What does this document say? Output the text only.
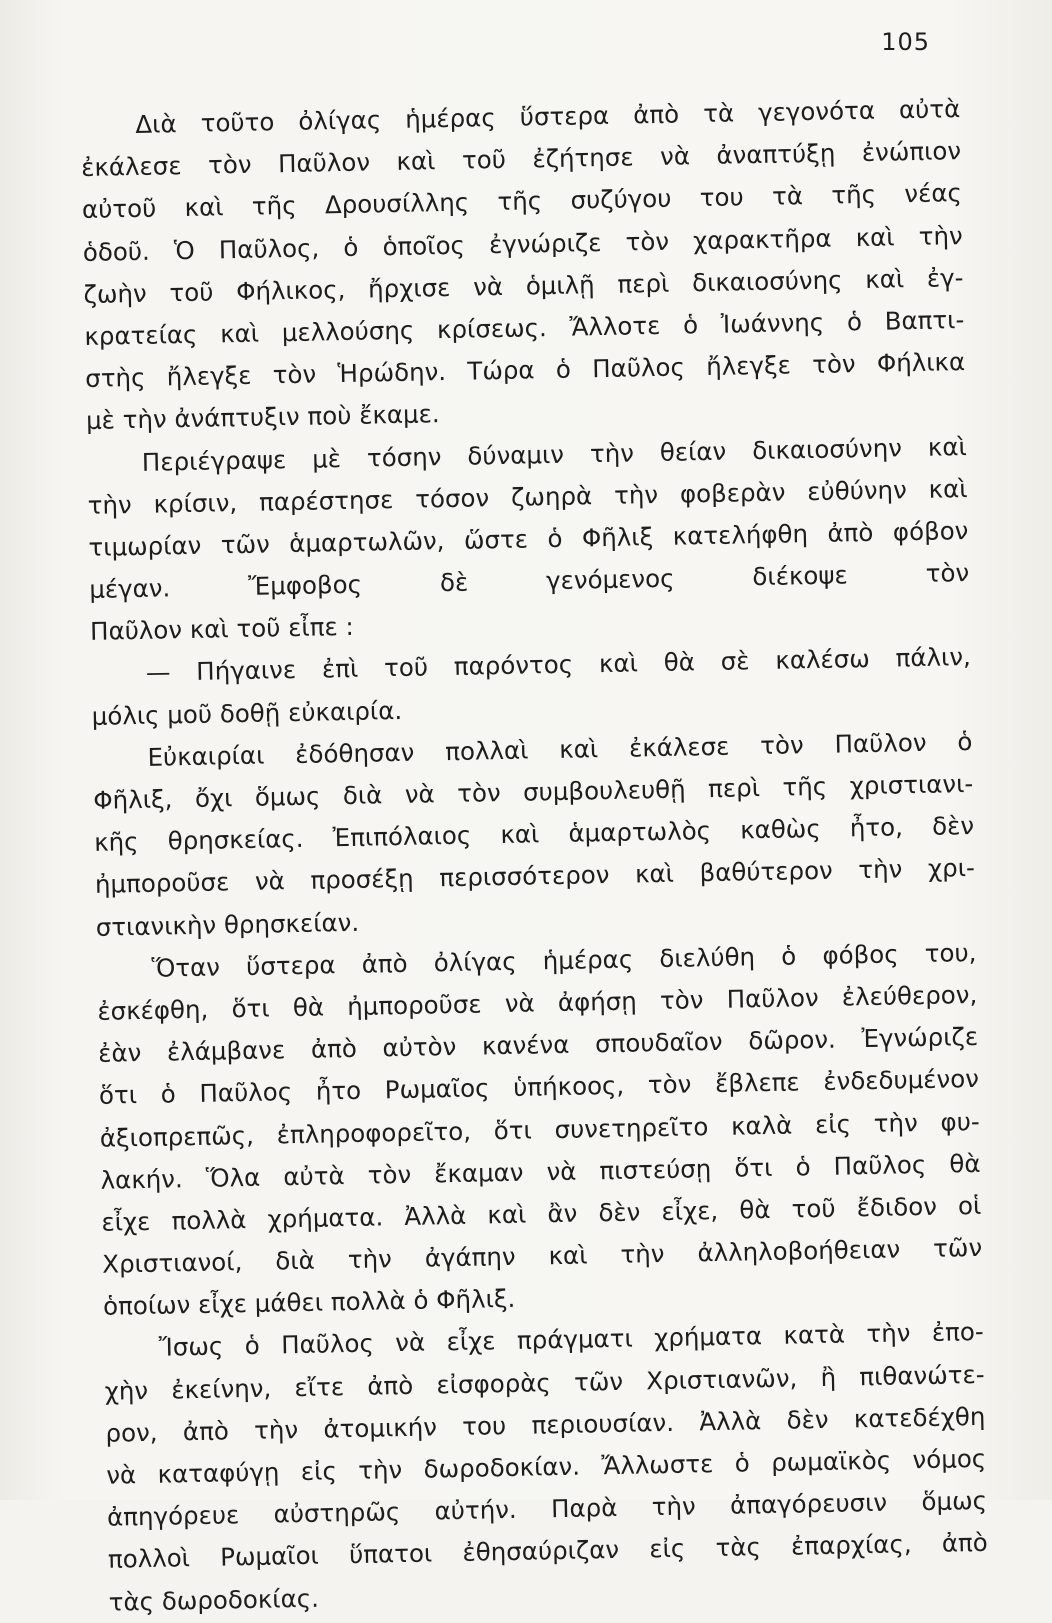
105
Διὰ τοῦτο ὀλίγας ἡμέρας ὕστερα ἀπὸ τὰ γεγονότα αὐτὰ
ἐκάλεσε τὸν Παῦλον καὶ τοῦ ἐζήτησε νὰ ἀναπτύξῃ ἐνώπιον
αὐτοῦ καὶ τῆς Δρουσίλλης τῆς συζύγου του τὰ τῆς νέας
ὁδοῦ. Ὁ Παῦλος, ὁ ὁποῖος ἐγνώριζε τὸν χαρακτῆρα καὶ τὴν
ζωὴν τοῦ Φήλικος, ἤρχισε νὰ ὁμιλῇ περὶ δικαιοσύνης καὶ ἐγ-
κρατείας καὶ μελλούσης κρίσεως. Ἄλλοτε ὁ Ἰωάννης ὁ Βαπτι-
στὴς ἤλεγξε τὸν Ἡρώδην. Τώρα ὁ Παῦλος ἤλεγξε τὸν Φήλικα
μὲ τὴν ἀνάπτυξιν ποὺ ἔκαμε.
Περιέγραψε μὲ τόσην δύναμιν τὴν θείαν δικαιοσύνην καὶ
τὴν κρίσιν, παρέστησε τόσον ζωηρὰ τὴν φοβερὰν εὐθύνην καὶ
τιμωρίαν τῶν ἁμαρτωλῶν, ὥστε ὁ Φῆλιξ κατελήφθη ἀπὸ φόβον
μέγαν. Ἔμφοβος δὲ γενόμενος διέκοψε τὸν
Παῦλον καὶ τοῦ εἶπε :
— Πήγαινε ἐπὶ τοῦ παρόντος καὶ θὰ σὲ καλέσω πάλιν,
μόλις μοῦ δοθῇ εὐκαιρία.
Εὐκαιρίαι ἐδόθησαν πολλαὶ καὶ ἐκάλεσε τὸν Παῦλον ὁ
Φῆλιξ, ὄχι ὅμως διὰ νὰ τὸν συμβουλευθῇ περὶ τῆς χριστιανι-
κῆς θρησκείας. Ἐπιπόλαιος καὶ ἁμαρτωλὸς καθὼς ἦτο, δὲν
ἠμποροῦσε νὰ προσέξῃ περισσότερον καὶ βαθύτερον τὴν χρι-
στιανικὴν θρησκείαν.
Ὅταν ὕστερα ἀπὸ ὀλίγας ἡμέρας διελύθη ὁ φόβος του,
ἐσκέφθη, ὅτι θὰ ἠμποροῦσε νὰ ἀφήσῃ τὸν Παῦλον ἐλεύθερον,
ἐὰν ἐλάμβανε ἀπὸ αὐτὸν κανένα σπουδαῖον δῶρον. Ἐγνώριζε
ὅτι ὁ Παῦλος ἦτο Ρωμαῖος ὑπήκοος, τὸν ἔβλεπε ἐνδεδυμένον
ἀξιοπρεπῶς, ἐπληροφορεῖτο, ὅτι συνετηρεῖτο καλὰ εἰς τὴν φυ-
λακήν. Ὅλα αὐτὰ τὸν ἔκαμαν νὰ πιστεύσῃ ὅτι ὁ Παῦλος θὰ
εἶχε πολλὰ χρήματα. Ἀλλὰ καὶ ἂν δὲν εἶχε, θὰ τοῦ ἔδιδον οἱ
Χριστιανοί, διὰ τὴν ἀγάπην καὶ τὴν ἀλληλοβοήθειαν τῶν
ὁποίων εἶχε μάθει πολλὰ ὁ Φῆλιξ.
Ἴσως ὁ Παῦλος νὰ εἶχε πράγματι χρήματα κατὰ τὴν ἐπο-
χὴν ἐκείνην, εἴτε ἀπὸ εἰσφορὰς τῶν Χριστιανῶν, ἢ πιθανώτε-
ρον, ἀπὸ τὴν ἀτομικήν του περιουσίαν. Ἀλλὰ δὲν κατεδέχθη
νὰ καταφύγῃ εἰς τὴν δωροδοκίαν. Ἄλλωστε ὁ ρωμαϊκὸς νόμος
ἀπηγόρευε αὐστηρῶς αὐτήν. Παρὰ τὴν ἀπαγόρευσιν ὅμως
πολλοὶ Ρωμαῖοι ὕπατοι ἐθησαύριζαν εἰς τὰς ἐπαρχίας, ἀπὸ
τὰς δωροδοκίας.
